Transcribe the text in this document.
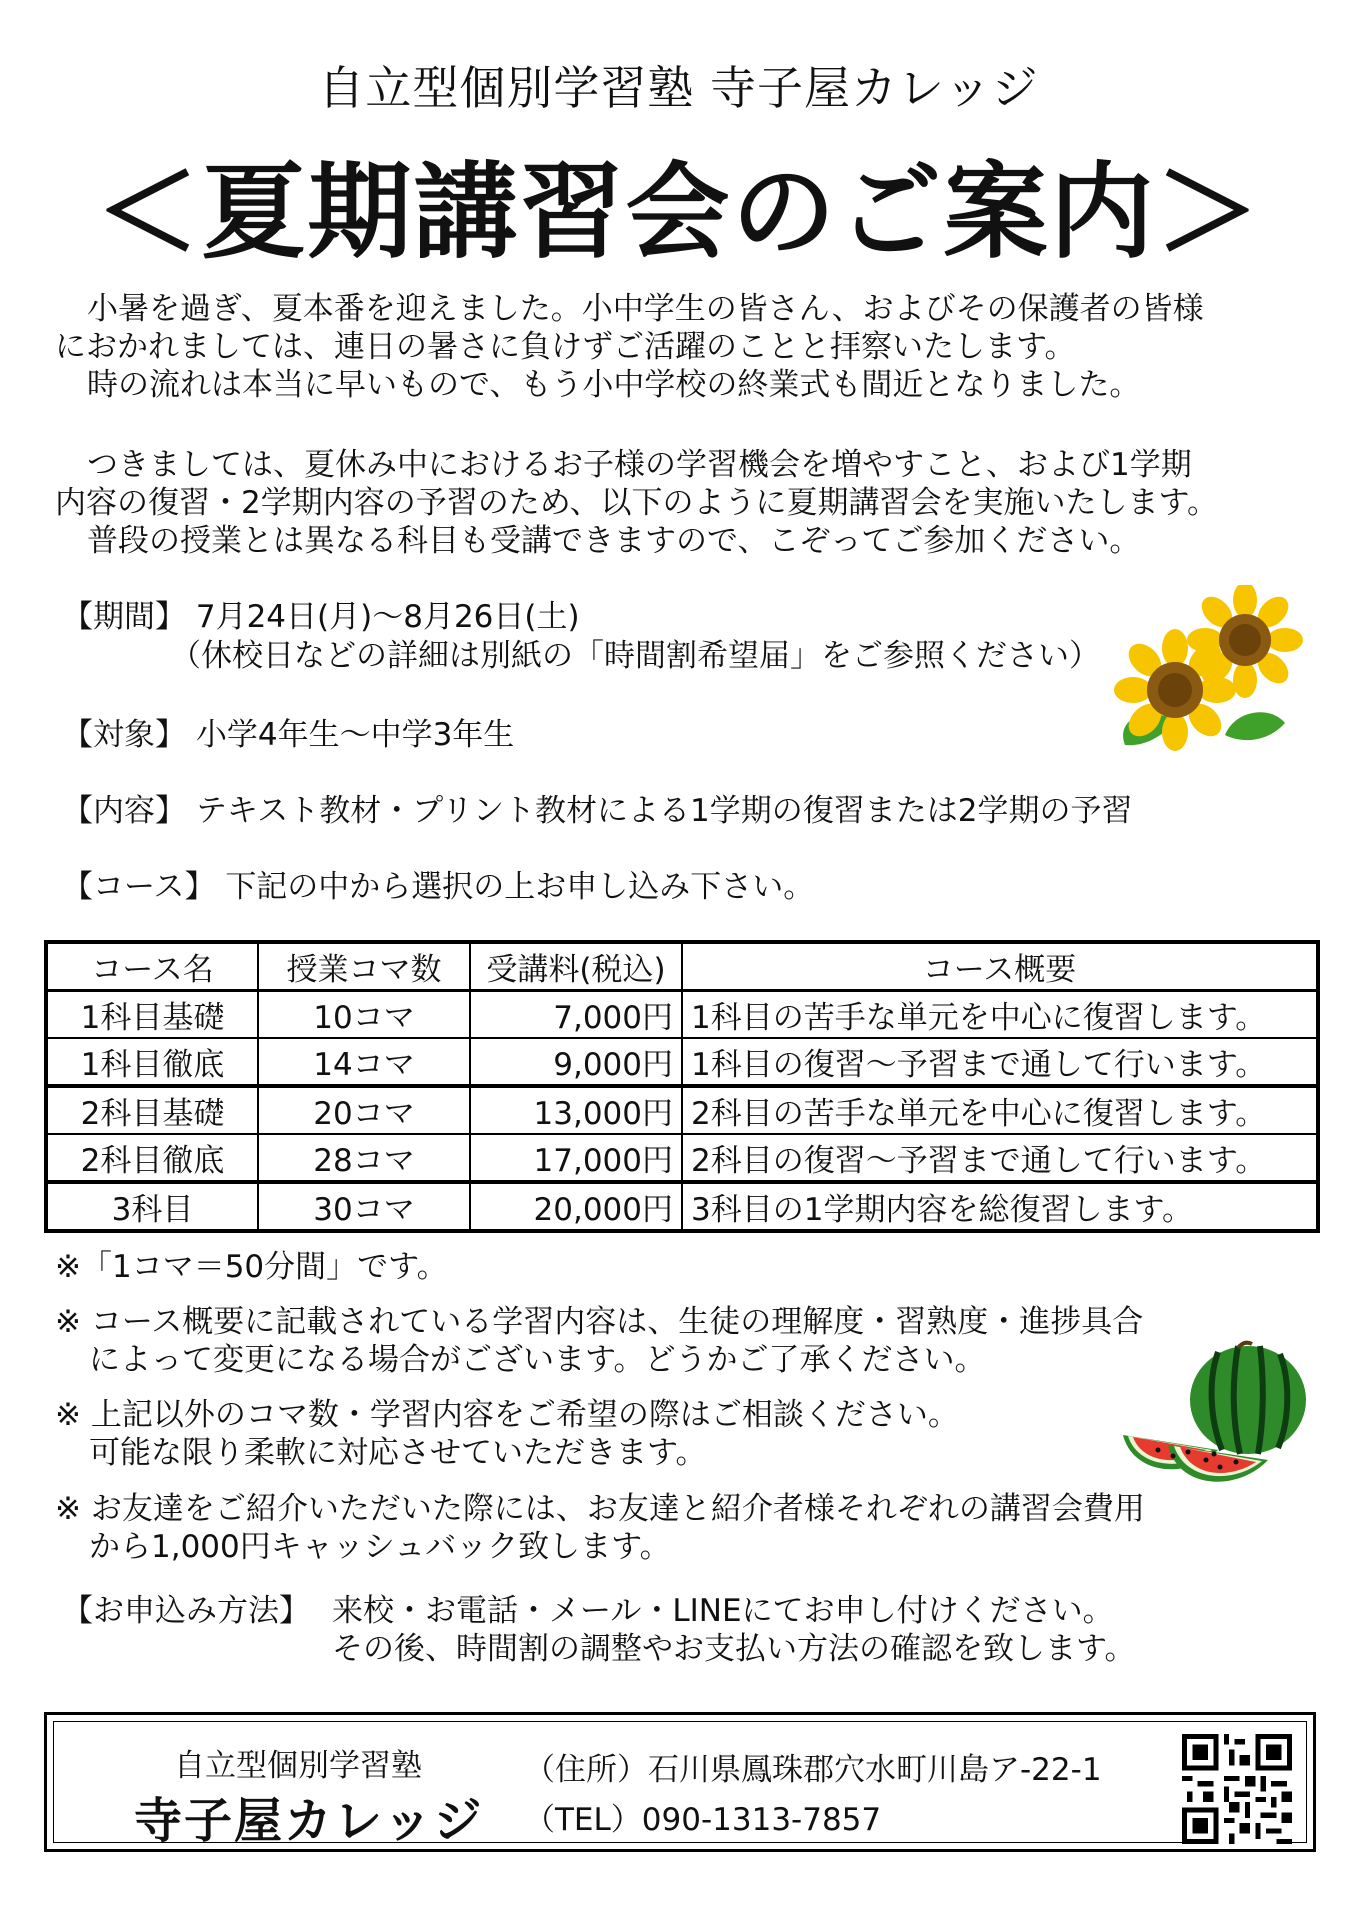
自立型個別学習塾 寺子屋カレッジ
＜夏期講習会のご案内＞

小暑を過ぎ、夏本番を迎えました。小中学生の皆さん、およびその保護者の皆様

におかれましては、連日の暑さに負けずご活躍のことと拝察いたします。

時の流れは本当に早いもので、もう小中学校の終業式も間近となりました。

つきましては、夏休み中におけるお子様の学習機会を増やすこと、および1学期

内容の復習・2学期内容の予習のため、以下のように夏期講習会を実施いたします。

普段の授業とは異なる科目も受講できますので、こぞってご参加ください。

【期間】 7月24日(月)～8月26日(土)
（休校日などの詳細は別紙の「時間割希望届」をご参照ください）
【対象】 小学4年生～中学3年生
【内容】 テキスト教材・プリント教材による1学期の復習または2学期の予習
【コース】 下記の中から選択の上お申し込み下さい。
コース名	授業コマ数	受講料(税込)	コース概要
1科目基礎	10コマ	7,000円	1科目の苦手な単元を中心に復習します。
1科目徹底	14コマ	9,000円	1科目の復習～予習まで通して行います。
2科目基礎	20コマ	13,000円	2科目の苦手な単元を中心に復習します。
2科目徹底	28コマ	17,000円	2科目の復習～予習まで通して行います。
3科目	30コマ	20,000円	3科目の1学期内容を総復習します。

※「1コマ＝50分間」です。

※ コース概要に記載されている学習内容は、生徒の理解度・習熟度・進捗具合

によって変更になる場合がございます。どうかご了承ください。

※ 上記以外のコマ数・学習内容をご希望の際はご相談ください。

可能な限り柔軟に対応させていただきます。

※ お友達をご紹介いただいた際には、お友達と紹介者様それぞれの講習会費用

から1,000円キャッシュバック致します。

【お申込み方法】 来校・お電話・メール・LINEにてお申し付けください。
その後、時間割の調整やお支払い方法の確認を致します。
自立型個別学習塾
寺子屋カレッジ
（住所）石川県鳳珠郡穴水町川島ア-22-1
（TEL）090-1313-7857
